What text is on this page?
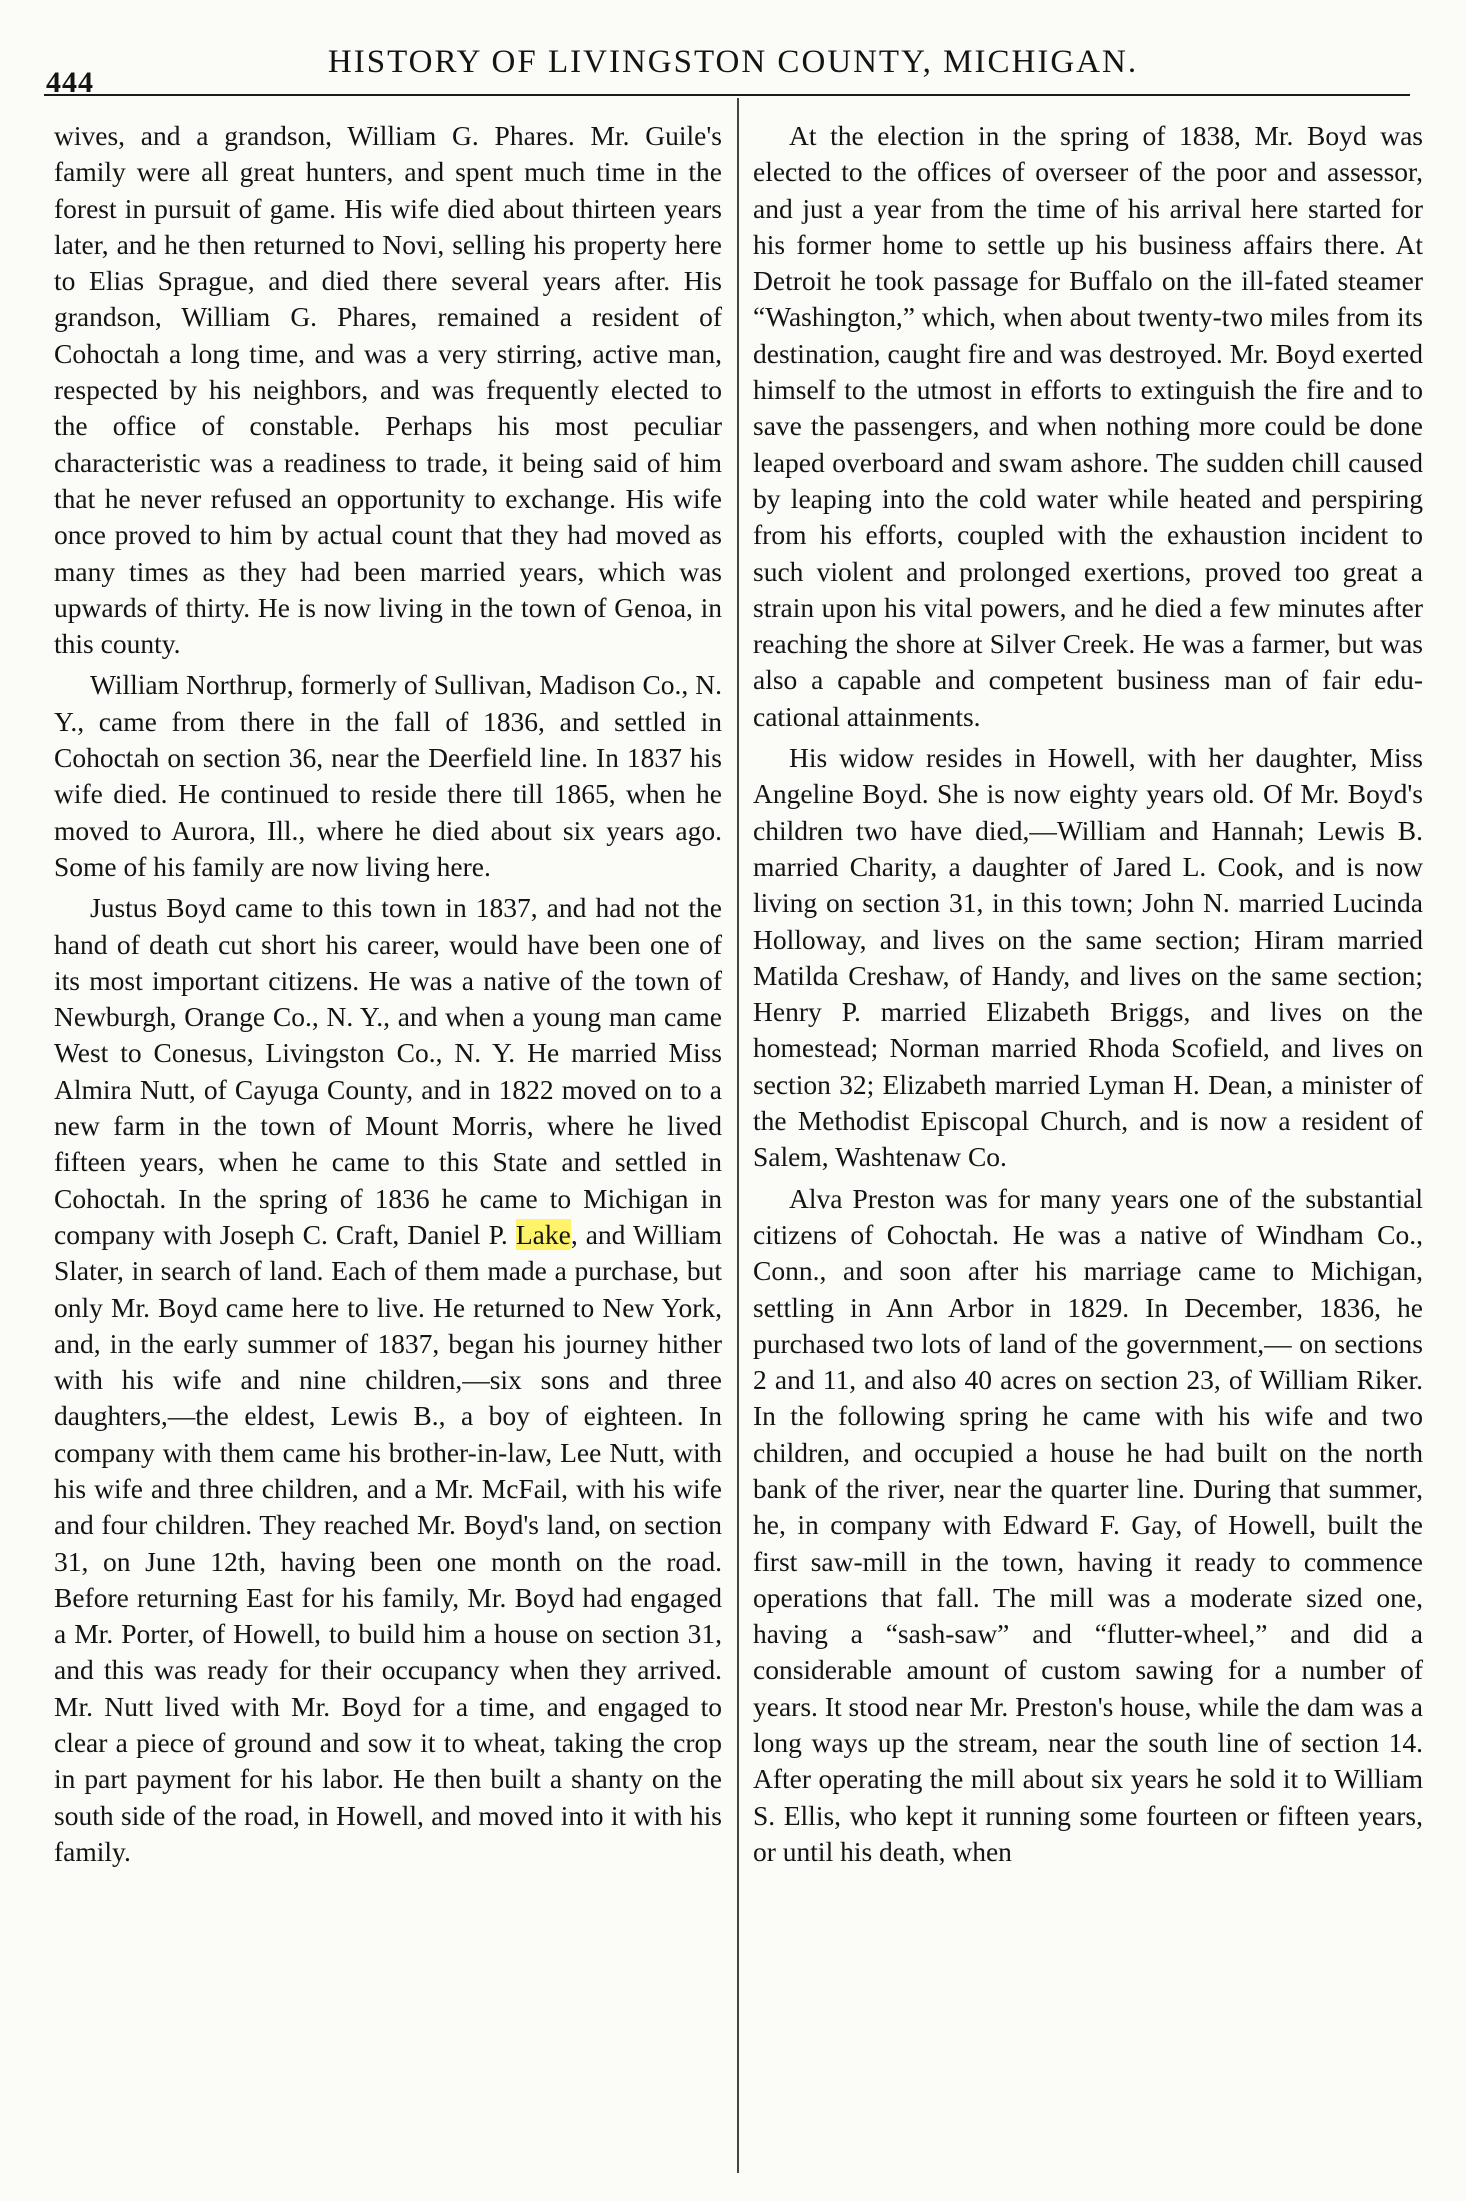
444
HISTORY OF LIVINGSTON COUNTY, MICHIGAN.

wives, and a grandson, William G. Phares. Mr. Guile's family were all great hunters, and spent much time in the forest in pursuit of game. His wife died about thirteen years later, and he then returned to Novi, selling his property here to Elias Sprague, and died there several years after. His grandson, William G. Phares, remained a resident of Cohoctah a long time, and was a very stirring, active man, respected by his neighbors, and was frequently elected to the office of constable. Perhaps his most peculiar characteristic was a readiness to trade, it being said of him that he never refused an opportunity to exchange. His wife once proved to him by actual count that they had moved as many times as they had been married years, which was upwards of thirty. He is now living in the town of Genoa, in this county.

William Northrup, formerly of Sullivan, Madison Co., N. Y., came from there in the fall of 1836, and settled in Cohoctah on section 36, near the Deerfield line. In 1837 his wife died. He continued to reside there till 1865, when he moved to Aurora, Ill., where he died about six years ago. Some of his family are now living here.

Justus Boyd came to this town in 1837, and had not the hand of death cut short his career, would have been one of its most important citizens. He was a native of the town of Newburgh, Orange Co., N. Y., and when a young man came West to Conesus, Livingston Co., N. Y. He married Miss Almira Nutt, of Cayuga County, and in 1822 moved on to a new farm in the town of Mount Morris, where he lived fifteen years, when he came to this State and settled in Cohoctah. In the spring of 1836 he came to Michigan in company with Joseph C. Craft, Daniel P. Lake, and William Slater, in search of land. Each of them made a purchase, but only Mr. Boyd came here to live. He returned to New York, and, in the early summer of 1837, began his journey hither with his wife and nine children,—six sons and three daughters,—the eldest, Lewis B., a boy of eighteen. In company with them came his brother-in-law, Lee Nutt, with his wife and three children, and a Mr. McFail, with his wife and four children. They reached Mr. Boyd's land, on section 31, on June 12th, having been one month on the road. Before returning East for his family, Mr. Boyd had engaged a Mr. Porter, of Howell, to build him a house on section 31, and this was ready for their occupancy when they arrived. Mr. Nutt lived with Mr. Boyd for a time, and engaged to clear a piece of ground and sow it to wheat, taking the crop in part payment for his labor. He then built a shanty on the south side of the road, in Howell, and moved into it with his family.

At the election in the spring of 1838, Mr. Boyd was elected to the offices of overseer of the poor and assessor, and just a year from the time of his arrival here started for his former home to settle up his business affairs there. At Detroit he took passage for Buffalo on the ill-fated steamer “Washington,” which, when about twenty-two miles from its destination, caught fire and was destroyed. Mr. Boyd exerted himself to the utmost in efforts to extinguish the fire and to save the passengers, and when nothing more could be done leaped overboard and swam ashore. The sudden chill caused by leaping into the cold water while heated and perspiring from his efforts, coupled with the exhaustion incident to such violent and prolonged exertions, proved too great a strain upon his vital powers, and he died a few minutes after reaching the shore at Silver Creek. He was a farmer, but was also a capable and competent business man of fair educational attainments.

His widow resides in Howell, with her daughter, Miss Angeline Boyd. She is now eighty years old. Of Mr. Boyd's children two have died,—William and Hannah; Lewis B. married Charity, a daughter of Jared L. Cook, and is now living on section 31, in this town; John N. married Lucinda Holloway, and lives on the same section; Hiram married Matilda Creshaw, of Handy, and lives on the same section; Henry P. married Elizabeth Briggs, and lives on the homestead; Norman married Rhoda Scofield, and lives on section 32; Elizabeth married Lyman H. Dean, a minister of the Methodist Episcopal Church, and is now a resident of Salem, Washtenaw Co.

Alva Preston was for many years one of the substantial citizens of Cohoctah. He was a native of Windham Co., Conn., and soon after his marriage came to Michigan, settling in Ann Arbor in 1829. In December, 1836, he purchased two lots of land of the government,— on sections 2 and 11, and also 40 acres on section 23, of William Riker. In the following spring he came with his wife and two children, and occupied a house he had built on the north bank of the river, near the quarter line. During that summer, he, in company with Edward F. Gay, of Howell, built the first saw-mill in the town, having it ready to commence operations that fall. The mill was a moderate sized one, having a “sash-saw” and “flutter-wheel,” and did a considerable amount of custom sawing for a number of years. It stood near Mr. Preston's house, while the dam was a long ways up the stream, near the south line of section 14. After operating the mill about six years he sold it to William S. Ellis, who kept it running some fourteen or fifteen years, or until his death, when
